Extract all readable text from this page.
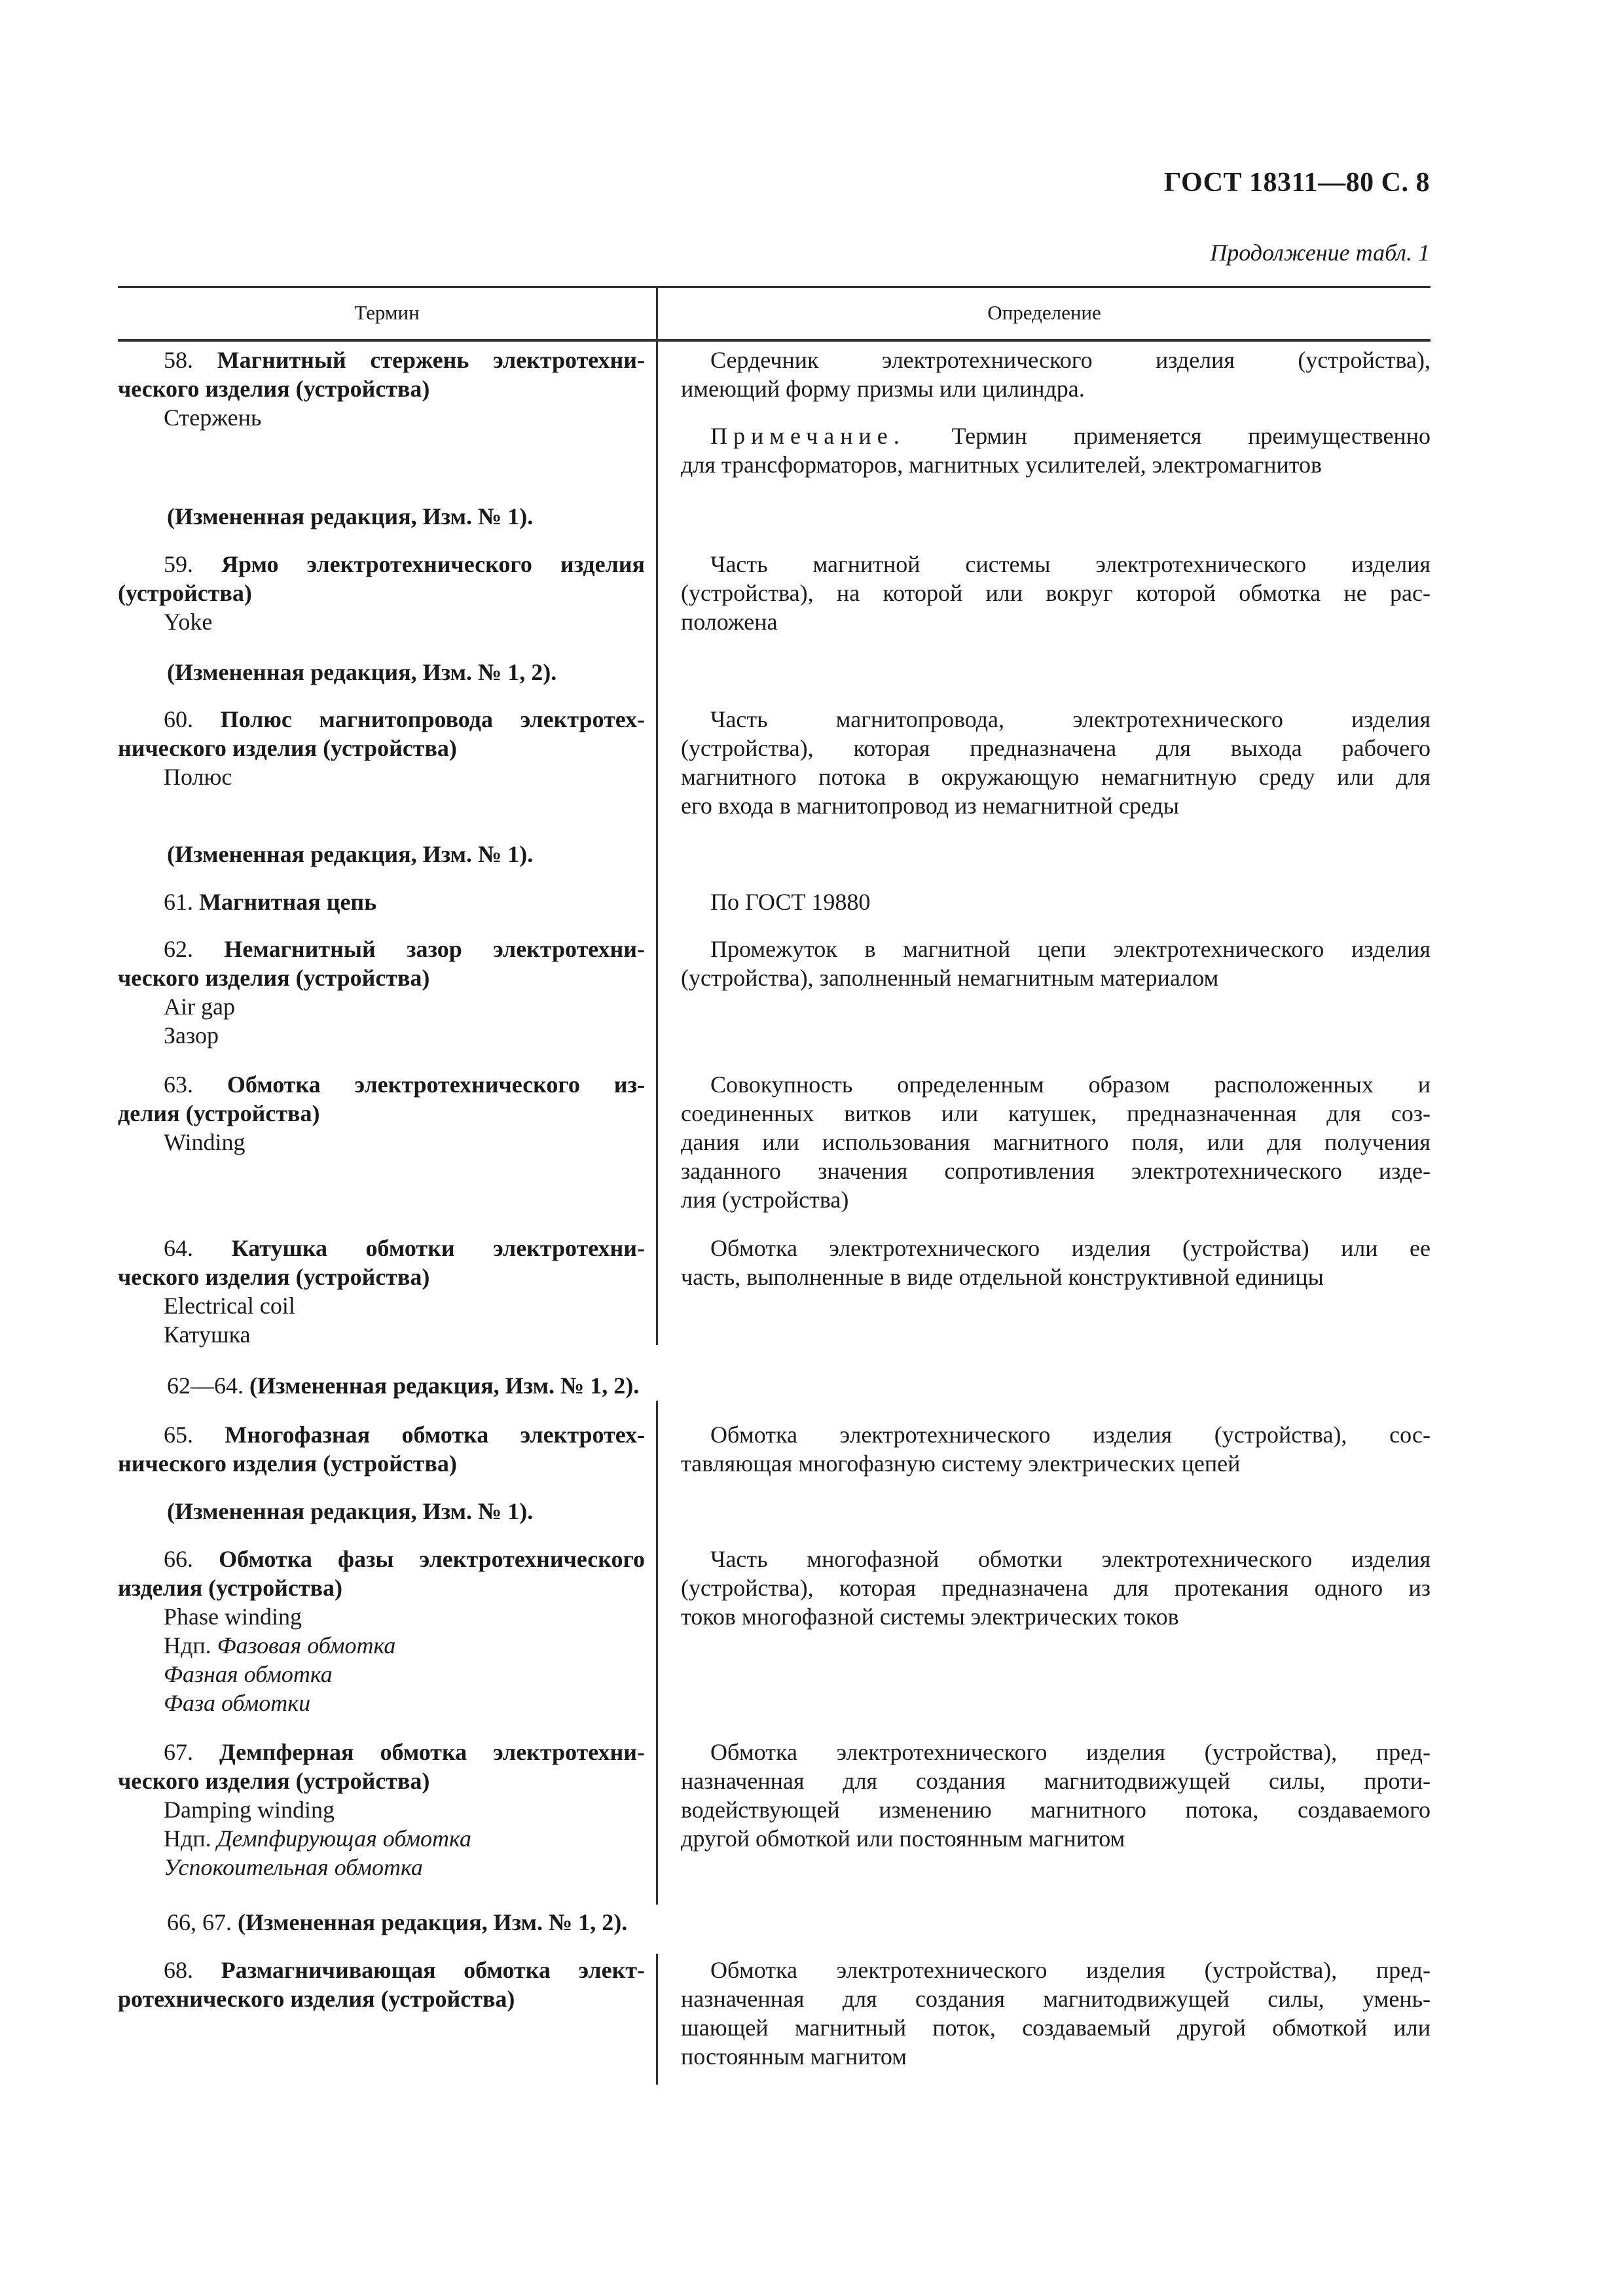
ГОСТ 18311—80 С. 8
Продолжение табл. 1
Термин	Определение
58. Магнитный стержень электротехни-
ческого изделия (устройства)
Стержень
Сердечник электротехнического изделия (устройства),
имеющий форму призмы или цилиндра.
Примечание. Термин применяется преимущественно
для трансформаторов, магнитных усилителей, электромагнитов
(Измененная редакция, Изм. № 1).
59. Ярмо электротехнического изделия
(устройства)
Yoke
Часть магнитной системы электротехнического изделия
(устройства), на которой или вокруг которой обмотка не рас-
положена
(Измененная редакция, Изм. № 1, 2).
60. Полюс магнитопровода электротех-
нического изделия (устройства)
Полюс
Часть магнитопровода, электротехнического изделия
(устройства), которая предназначена для выхода рабочего
магнитного потока в окружающую немагнитную среду или для
его входа в магнитопровод из немагнитной среды
(Измененная редакция, Изм. № 1).
61. Магнитная цепь	По ГОСТ 19880
62. Немагнитный зазор электротехни-
ческого изделия (устройства)
Air gap
Зазор
Промежуток в магнитной цепи электротехнического изделия
(устройства), заполненный немагнитным материалом
63. Обмотка электротехнического из-
делия (устройства)
Winding
Совокупность определенным образом расположенных и
соединенных витков или катушек, предназначенная для соз-
дания или использования магнитного поля, или для получения
заданного значения сопротивления электротехнического изде-
лия (устройства)
64. Катушка обмотки электротехни-
ческого изделия (устройства)
Electrical coil
Катушка
Обмотка электротехнического изделия (устройства) или ее
часть, выполненные в виде отдельной конструктивной единицы
62—64. (Измененная редакция, Изм. № 1, 2).
65. Многофазная обмотка электротех-
нического изделия (устройства)
Обмотка электротехнического изделия (устройства), сос-
тавляющая многофазную систему электрических цепей
(Измененная редакция, Изм. № 1).
66. Обмотка фазы электротехнического
изделия (устройства)
Phase winding
Ндп. Фазовая обмотка
Фазная обмотка
Фаза обмотки
Часть многофазной обмотки электротехнического изделия
(устройства), которая предназначена для протекания одного из
токов многофазной системы электрических токов
67. Демпферная обмотка электротехни-
ческого изделия (устройства)
Damping winding
Ндп. Демпфирующая обмотка
Успокоительная обмотка
Обмотка электротехнического изделия (устройства), пред-
назначенная для создания магнитодвижущей силы, проти-
водействующей изменению магнитного потока, создаваемого
другой обмоткой или постоянным магнитом
66, 67. (Измененная редакция, Изм. № 1, 2).
68. Размагничивающая обмотка элект-
ротехнического изделия (устройства)
Обмотка электротехнического изделия (устройства), пред-
назначенная для создания магнитодвижущей силы, умень-
шающей магнитный поток, создаваемый другой обмоткой или
постоянным магнитом
